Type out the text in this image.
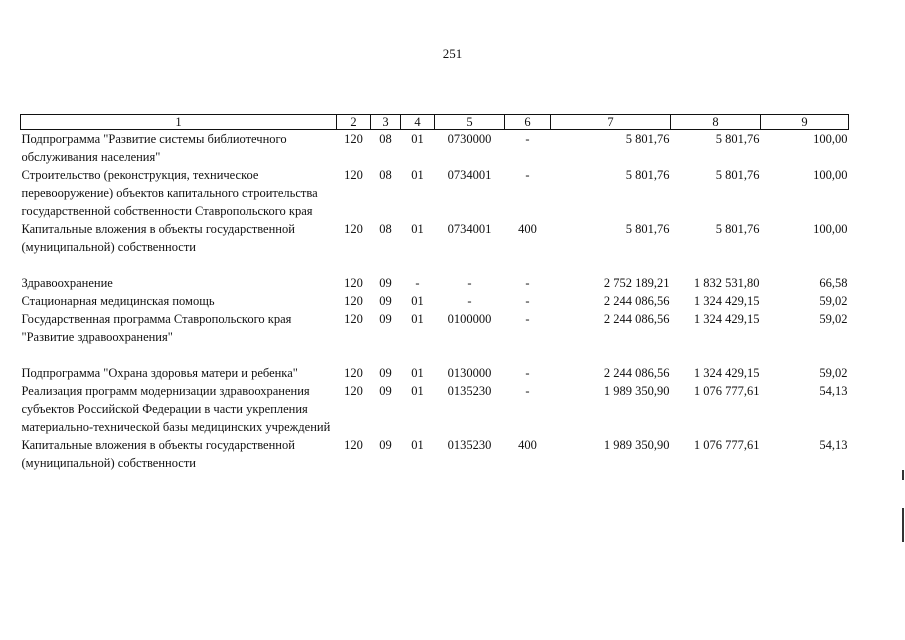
251
1	2	3	4	5	6	7	8	9
Подпрограмма "Развитие системы библиотечного обслуживания населения"	120	08	01	0730000	-	5 801,76	5 801,76	100,00
Строительство (реконструкция, техническое перевооружение) объектов капитального строительства государственной собственности Ставропольского края	120	08	01	0734001	-	5 801,76	5 801,76	100,00
Капитальные вложения в объекты государственной (муниципальной) собственности	120	08	01	0734001	400	5 801,76	5 801,76	100,00

Здравоохранение	120	09	-	-	-	2 752 189,21	1 832 531,80	66,58
Стационарная медицинская помощь	120	09	01	-	-	2 244 086,56	1 324 429,15	59,02
Государственная программа Ставропольского края "Развитие здравоохранения"	120	09	01	0100000	-	2 244 086,56	1 324 429,15	59,02

Подпрограмма "Охрана здоровья матери и ребенка"	120	09	01	0130000	-	2 244 086,56	1 324 429,15	59,02
Реализация программ модернизации здравоохранения субъектов Российской Федерации в части укрепления материально-технической базы медицинских учреждений	120	09	01	0135230	-	1 989 350,90	1 076 777,61	54,13
Капитальные вложения в объекты государственной (муниципальной) собственности	120	09	01	0135230	400	1 989 350,90	1 076 777,61	54,13
